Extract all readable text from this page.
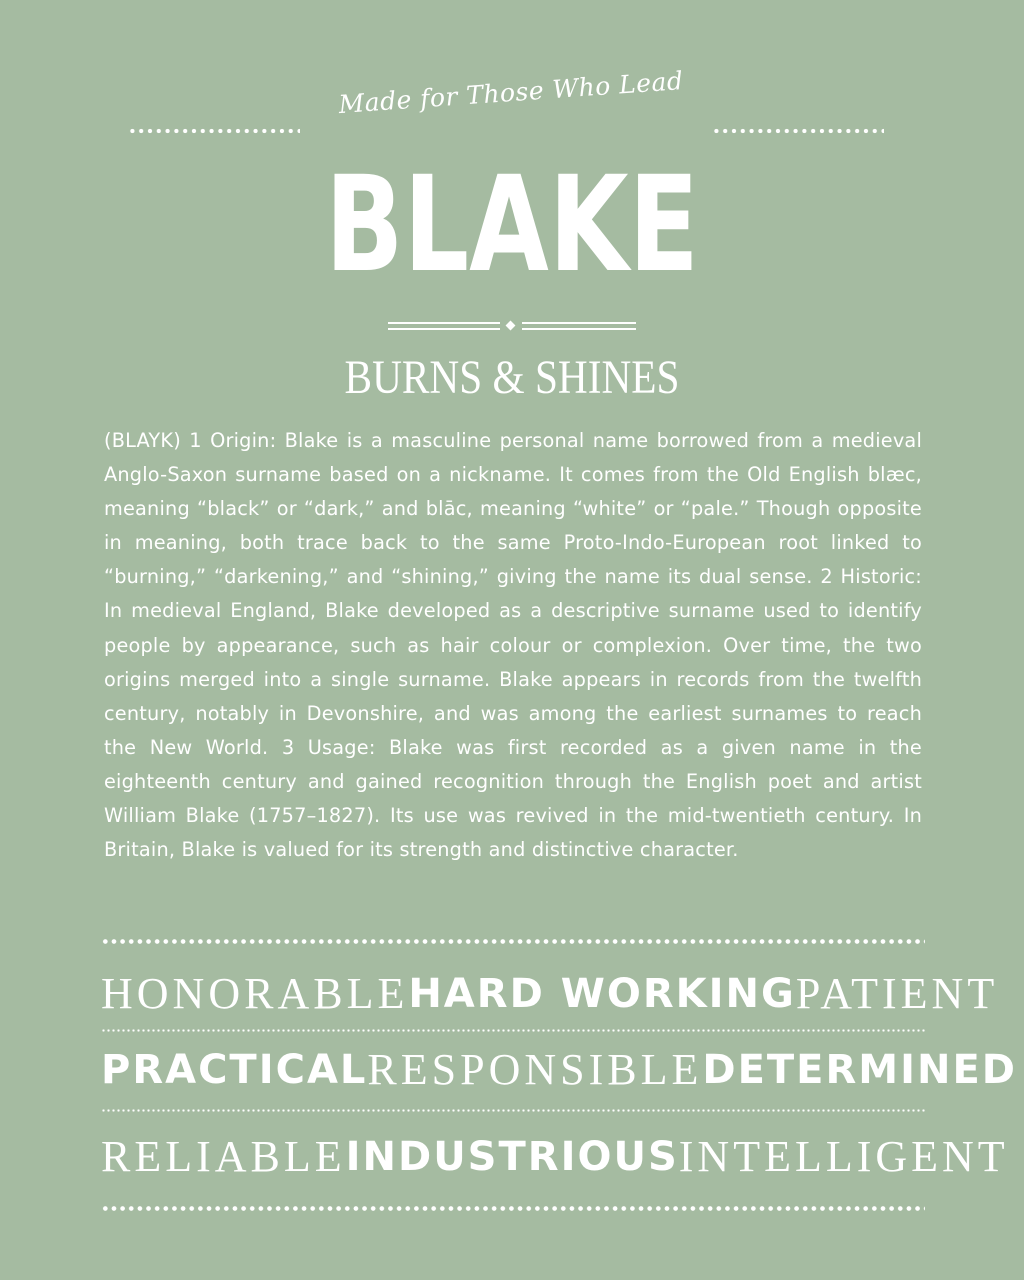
Made for Those Who Lead
BLAKE
BURNS & SHINES
(BLAYK) 1 Origin: Blake is a masculine personal name borrowed from a medieval Anglo-Saxon surname based on a nickname. It comes from the Old English blæc, meaning “black” or “dark,” and blāc, meaning “white” or “pale.” Though opposite in meaning, both trace back to the same Proto-Indo-European root linked to “burning,” “darkening,” and “shining,” giving the name its dual sense. 2 Historic: In medieval England, Blake developed as a descriptive surname used to identify people by appearance, such as hair colour or complexion. Over time, the two origins merged into a single surname. Blake appears in records from the twelfth century, notably in Devonshire, and was among the earliest surnames to reach the New World. 3 Usage: Blake was first recorded as a given name in the eighteenth century and gained recognition through the English poet and artist William Blake (1757–1827). Its use was revived in the mid-twentieth century. In Britain, Blake is valued for its strength and distinctive character.
HONORABLE HARD WORKING PATIENT
PRACTICAL RESPONSIBLE DETERMINED
RELIABLE INDUSTRIOUS INTELLIGENT
